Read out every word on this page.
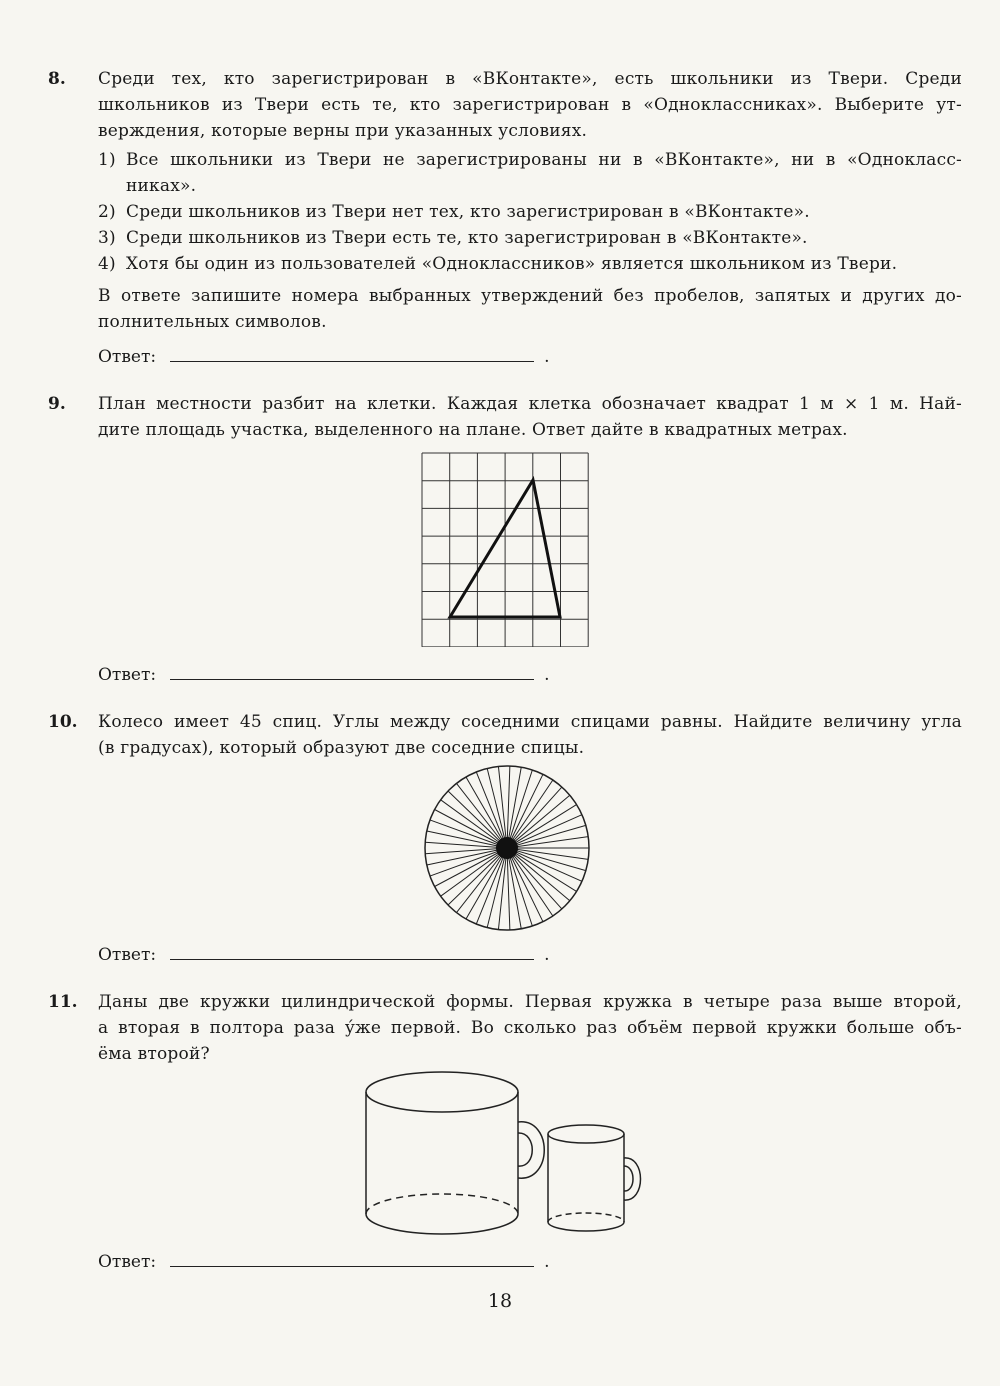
8. Среди тех, кто зарегистрирован в «ВКонтакте», есть школьники из Твери. Среди
школьников из Твери есть те, кто зарегистрирован в «Одноклассниках». Выберите ут-
верждения, которые верны при указанных условиях.
1) Все школьники из Твери не зарегистрированы ни в «ВКонтакте», ни в «Однокласс-
никах».
2) Среди школьников из Твери нет тех, кто зарегистрирован в «ВКонтакте».
3) Среди школьников из Твери есть те, кто зарегистрирован в «ВКонтакте».
4) Хотя бы один из пользователей «Одноклассников» является школьником из Твери.
В ответе запишите номера выбранных утверждений без пробелов, запятых и других до-
полнительных символов.
Ответ:	.
9. План местности разбит на клетки. Каждая клетка обозначает квадрат 1 м × 1 м. Най-
дите площадь участка, выделенного на плане. Ответ дайте в квадратных метрах.
Ответ:	.
10. Колесо имеет 45 спиц. Углы между соседними спицами равны. Найдите величину угла
(в градусах), который образуют две соседние спицы.
Ответ:	.
11. Даны две кружки цилиндрической формы. Первая кружка в четыре раза выше второй,
а вторая в полтора раза у́же первой. Во сколько раз объём первой кружки больше объ-
ёма второй?
Ответ:	.
18
